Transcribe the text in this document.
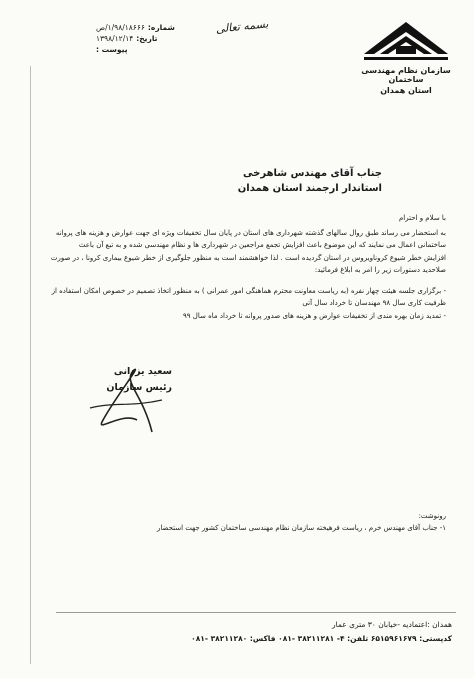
سازمان نظام مهندسی ساختمان
استان همدان
بسمه تعالی
شماره:
۱/۹۸/۱۸۶۶۶/ص
تاریخ:
۱۳۹۸/۱۲/۱۴
پیوست :
جناب آقای مهندس شاهرخی
استاندار ارجمند استان همدان

با سلام و احترام

به استحضار می رساند طبق روال سالهای گذشته شهرداری های استان در پایان سال تخفیفات ویژه ای جهت عوارض و هزینه های پروانه

ساختمانی اعمال می نمایند که این موضوع باعث افزایش تجمع مراجعین در شهرداری ها و نظام مهندسی شده و به تبع آن باعث

افزایش خطر شیوع کروناویروس در استان گردیده است . لذا خواهشمند است به منظور جلوگیری از خطر شیوع بیماری کرونا ، در صورت

صلاحدید دستورات زیر را امر به ابلاغ فرمائید:

- برگزاری جلسه هیئت چهار نفره (به ریاست معاونت محترم هماهنگی امور عمرانی ) به منظور اتخاذ تصمیم در خصوص امکان استفاده از

ظرفیت کاری سال ۹۸ مهندسان تا خرداد سال آتی

- تمدید زمان بهره مندی از تخفیفات عوارض و هزینه های صدور پروانه تا خرداد ماه سال ۹۹

سعید یزدانی
رئیس سازمان

رونوشت:

۱- جناب آقای مهندس خرم ، ریاست فرهیخته سازمان نظام مهندسی ساختمان کشور جهت استحضار

همدان :اعتمادیه -خیابان ۳۰ متری عمار

کدپستی: ۶۵۱۵۹۶۱۶۷۹ تلفن: ۴- ۳۸۲۱۱۲۸۱ -۰۸۱ فاکس: ۳۸۲۱۱۲۸۰ -۰۸۱
